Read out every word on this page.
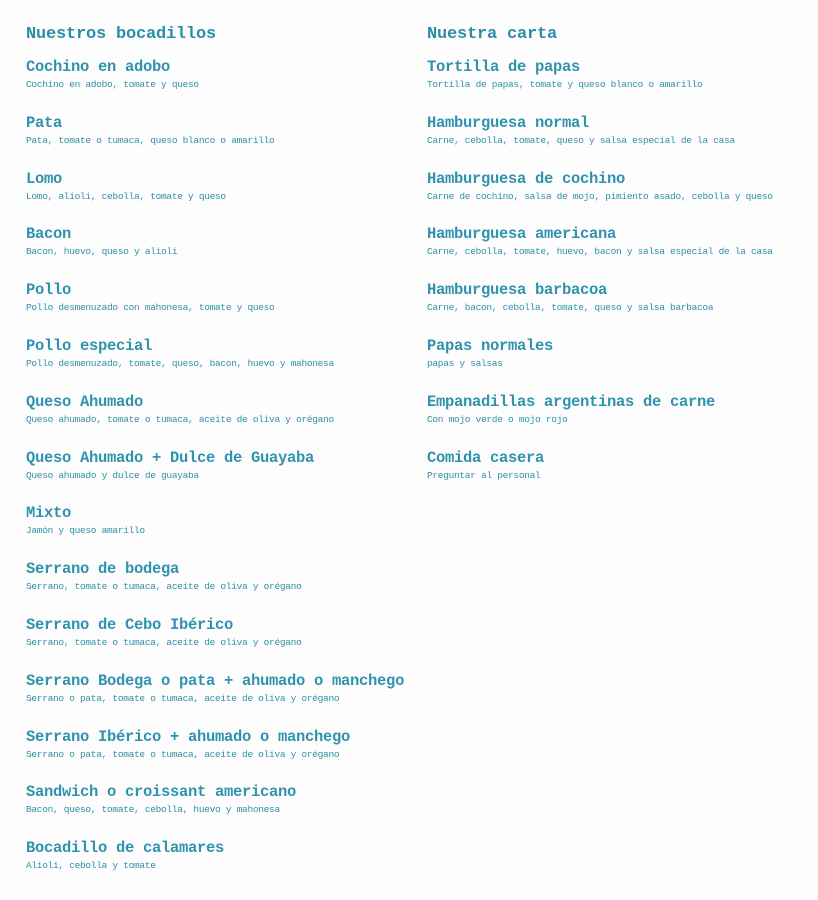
Nuestros bocadillos
Cochino en adobo
Cochino en adobo, tomate y queso
Pata
Pata, tomate o tumaca, queso blanco o amarillo
Lomo
Lomo, alioli, cebolla, tomate y queso
Bacon
Bacon, huevo, queso y alioli
Pollo
Pollo desmenuzado con mahonesa, tomate y queso
Pollo especial
Pollo desmenuzado, tomate, queso, bacon, huevo y mahonesa
Queso Ahumado
Queso ahumado, tomate o tumaca, aceite de oliva y orégano
Queso Ahumado + Dulce de Guayaba
Queso ahumado y dulce de guayaba
Mixto
Jamón y queso amarillo
Serrano de bodega
Serrano, tomate o tumaca, aceite de oliva y orégano
Serrano de Cebo Ibérico
Serrano, tomate o tumaca, aceite de oliva y orégano
Serrano Bodega o pata + ahumado o manchego
Serrano o pata, tomate o tumaca, aceite de oliva y orégano
Serrano Ibérico + ahumado o manchego
Serrano o pata, tomate o tumaca, aceite de oliva y orégano
Sandwich o croissant americano
Bacon, queso, tomate, cebolla, huevo y mahonesa
Bocadillo de calamares
Alioli, cebolla y tomate
Nuestra carta
Tortilla de papas
Tortilla de papas, tomate y queso blanco o amarillo
Hamburguesa normal
Carne, cebolla, tomate, queso y salsa especial de la casa
Hamburguesa de cochino
Carne de cochino, salsa de mojo, pimiento asado, cebolla y queso
Hamburguesa americana
Carne, cebolla, tomate, huevo, bacon y salsa especial de la casa
Hamburguesa barbacoa
Carne, bacon, cebolla, tomate, queso y salsa barbacoa
Papas normales
papas y salsas
Empanadillas argentinas de carne
Con mojo verde o mojo rojo
Comida casera
Preguntar al personal
